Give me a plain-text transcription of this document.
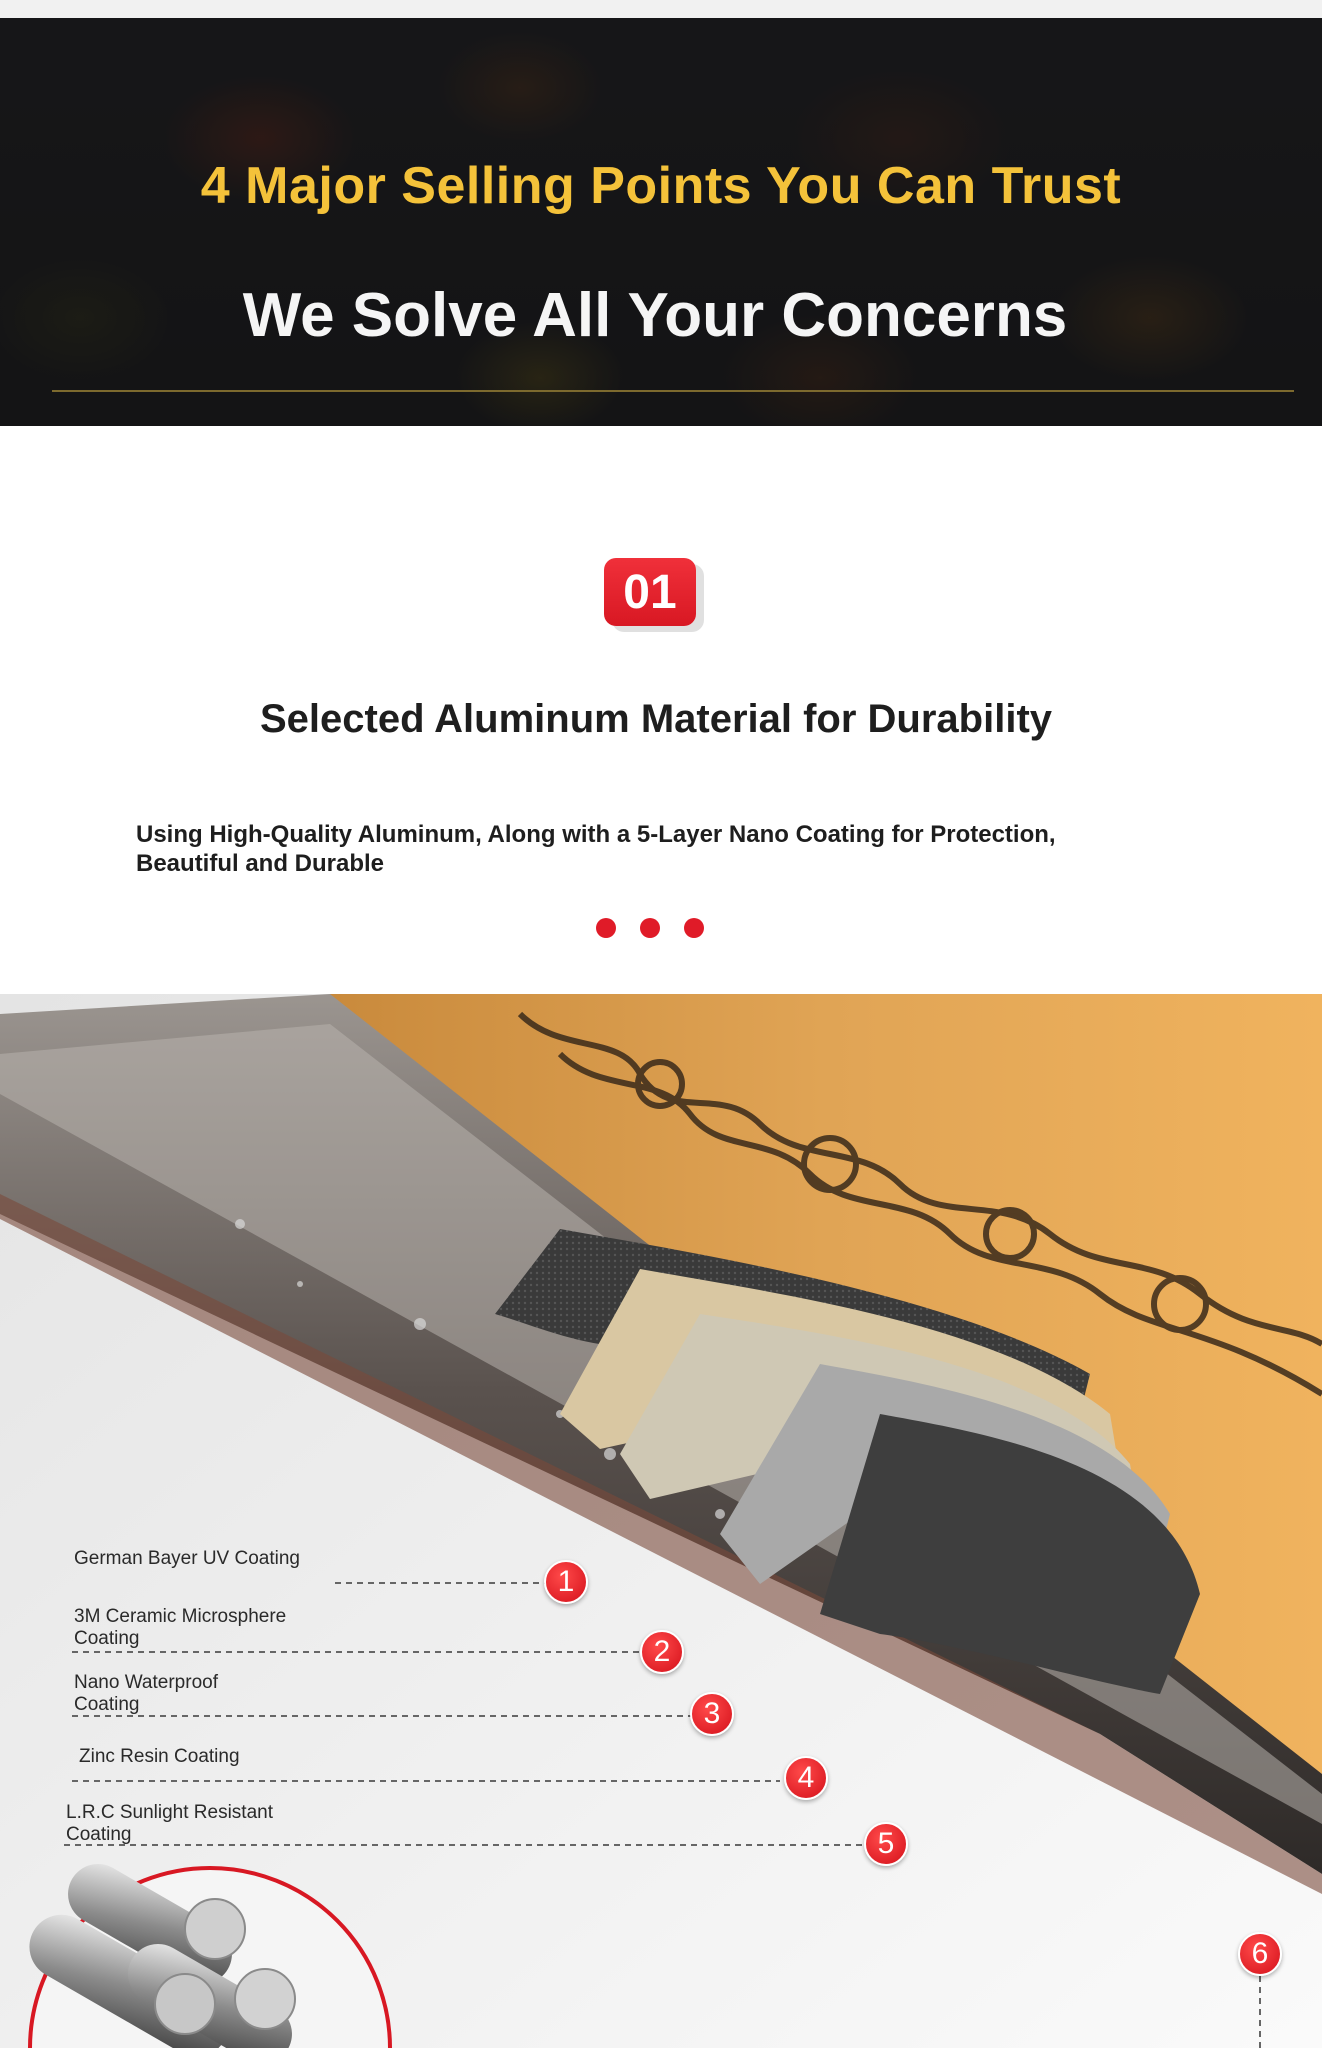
4 Major Selling Points You Can Trust
We Solve All Your Concerns
01
Selected Aluminum Material for Durability

Using High-Quality Aluminum, Along with a 5-Layer Nano Coating for Protection, Beautiful and Durable

German Bayer UV Coating
3M Ceramic Microsphere Coating
Nano Waterproof Coating
Zinc Resin Coating
L.R.C Sunlight Resistant Coating
1
2
3
4
5
6
